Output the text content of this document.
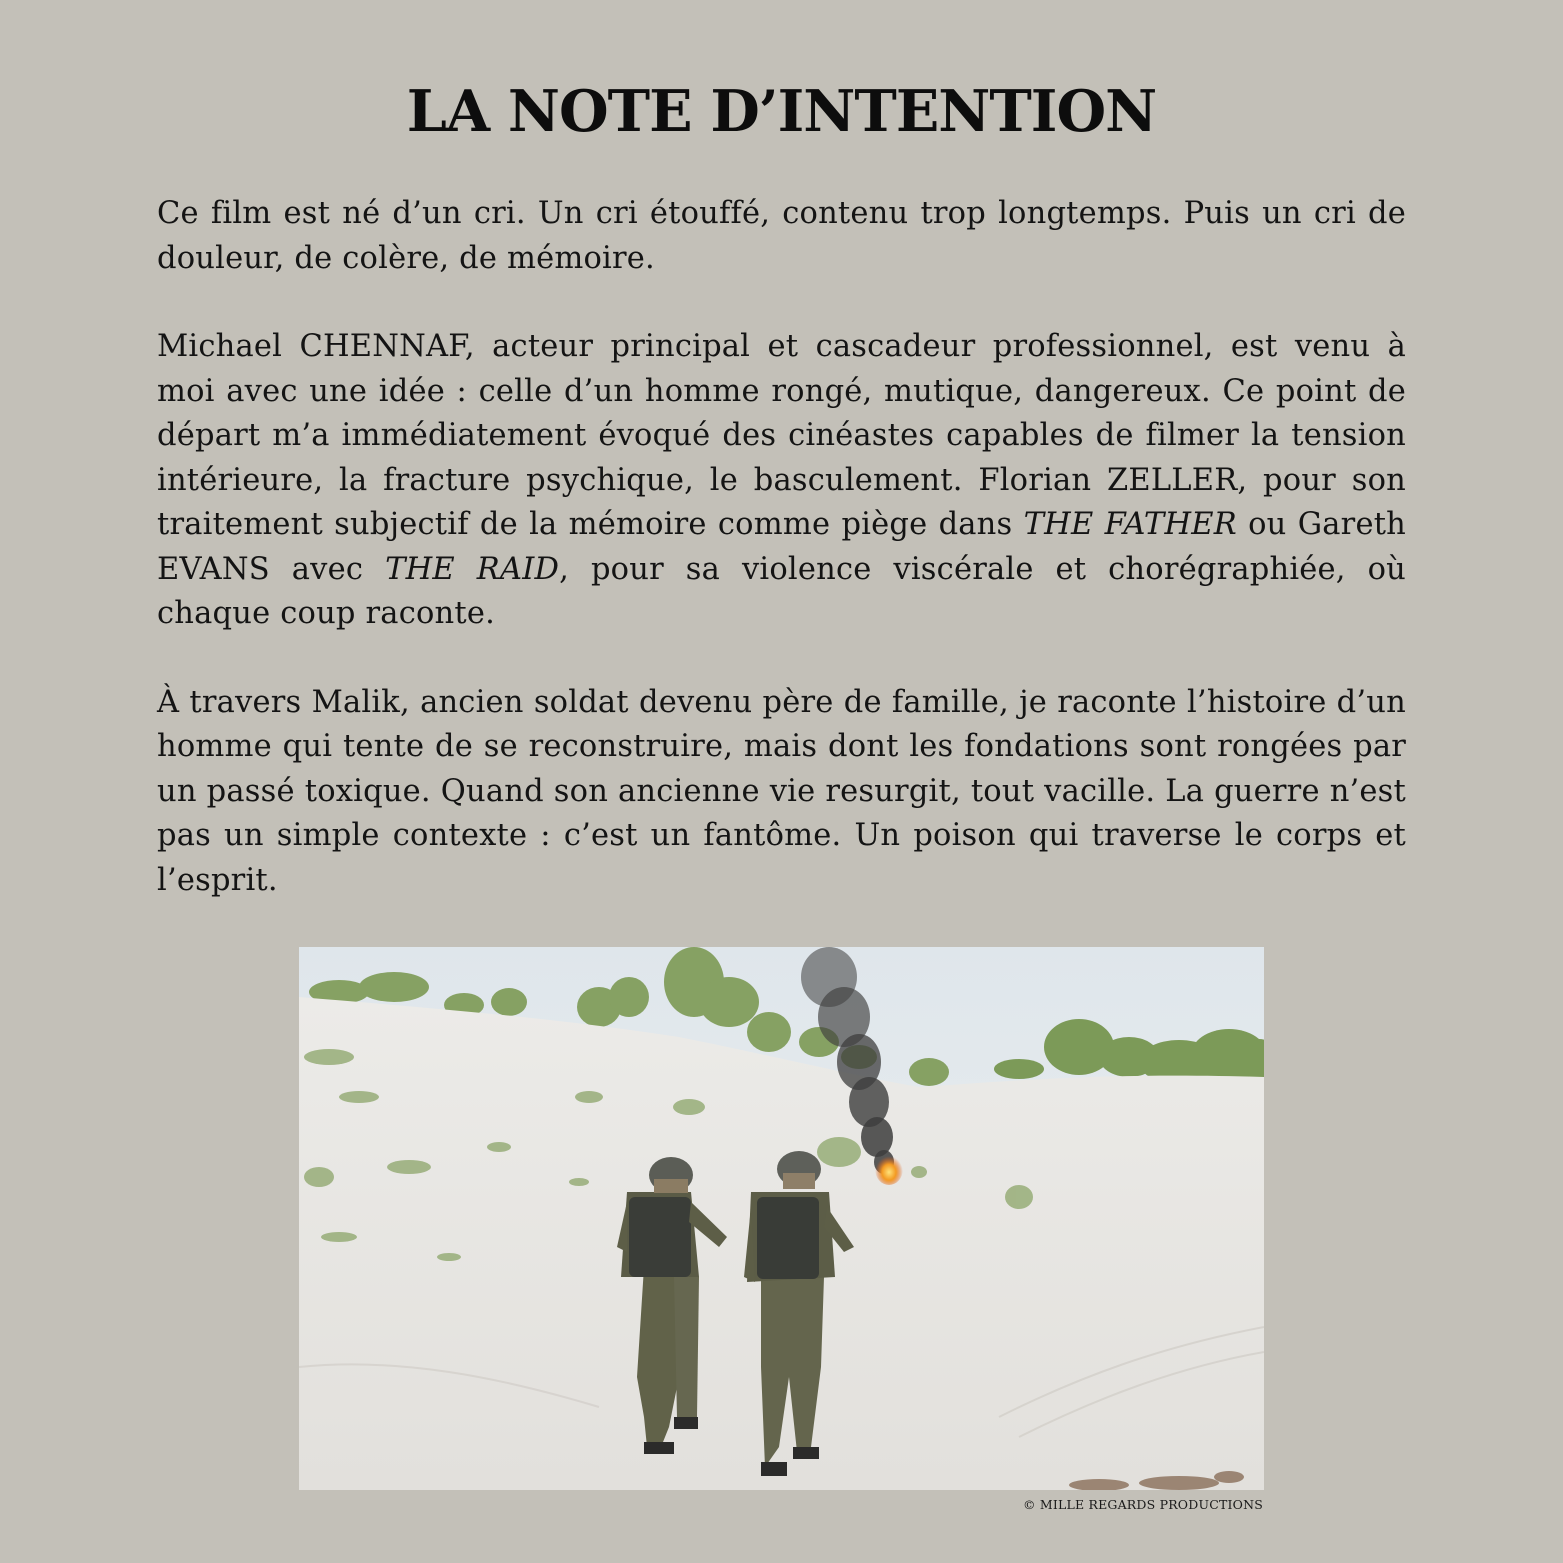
LA NOTE D’INTENTION

Ce film est né d’un cri. Un cri étouffé, contenu trop longtemps. Puis un cri de douleur, de colère, de mémoire.

Michael CHENNAF, acteur principal et cascadeur professionnel, est venu à moi avec une idée : celle d’un homme rongé, mutique, dangereux. Ce point de départ m’a immédiatement évoqué des cinéastes capables de filmer la tension intérieure, la fracture psychique, le basculement. Florian ZELLER, pour son traitement subjectif de la mémoire comme piège dans THE FATHER ou Gareth EVANS avec THE RAID, pour sa violence viscérale et chorégraphiée, où chaque coup raconte.

À travers Malik, ancien soldat devenu père de famille, je raconte l’histoire d’un homme qui tente de se reconstruire, mais dont les fondations sont rongées par un passé toxique. Quand son ancienne vie resurgit, tout vacille. La guerre n’est pas un simple contexte : c’est un fantôme. Un poison qui traverse le corps et l’esprit.

© MILLE REGARDS PRODUCTIONS
